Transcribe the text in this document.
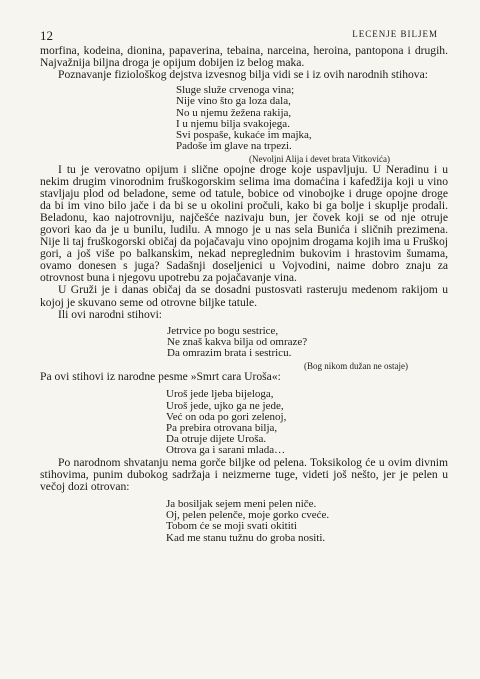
12	LECENJE BILJEM

morfina, kodeina, dionina, papaverina, tebaina, narceina, heroina, pantopona i drugih. Najvažnija biljna droga je opijum dobijen iz belog maka.

Poznavanje fiziološkog dejstva izvesnog bilja vidi se i iz ovih narodnih stihova:

Sluge služe crvenoga vina;
Nije vino što ga loza dala,
No u njemu žežena rakija,
I u njemu bilja svakojega.
Svi pospaše, kukaće im majka,
Padoše im glave na trpezi.
(Nevoljni Alija i devet brata Vitkovića)

I tu je verovatno opijum i slične opojne droge koje uspavljuju. U Neradinu i u nekim drugim vinorodnim fruškogorskim selima ima domaćina i kafedžija koji u vino stavljaju plod od beladone, seme od tatule, bobice od vinobojke i druge opojne droge da bi im vino bilo jače i da bi se u okolini pročuli, kako bi ga bolje i skuplje prodali. Beladonu, kao najotrovniju, najčešće nazivaju bun, jer čovek koji se od nje otruje govori kao da je u bunilu, ludilu. A mnogo je u nas sela Bunića i sličnih prezimena. Nije li taj fruškogorski običaj da pojačavaju vino opojnim drogama kojih ima u Fruškoj gori, a još više po balkanskim, nekad nepreglednim bukovim i hrastovim šumama, ovamo donesen s juga? Sadašnji doseljenici u Vojvodini, naime dobro znaju za otrovnost buna i njegovu upotrebu za pojačavanje vina.

U Gruži je i danas običaj da se dosadni pustosvati rasteruju medenom rakijom u kojoj je skuvano seme od otrovne biljke tatule.

Ili ovi narodni stihovi:

Jetrvice po bogu sestrice,
Ne znaš kakva bilja od omraze?
Da omrazim brata i sestricu.
(Bog nikom dužan ne ostaje)

Pa ovi stihovi iz narodne pesme »Smrt cara Uroša«:

Uroš jede ljeba bijeloga,
Uroš jede, ujko ga ne jede,
Već on oda po gori zelenoj,
Pa prebira otrovana bilja,
Da otruje dijete Uroša.
Otrova ga i sarani mlada…

Po narodnom shvatanju nema gorče biljke od pelena. Toksikolog će u ovim divnim stihovima, punim dubokog sadržaja i neizmerne tuge, videti još nešto, jer je pelen u večoj dozi otrovan:

Ja bosiljak sejem meni pelen niče.
Oj, pelen pelenče, moje gorko cveće.
Tobom će se moji svati okititi
Kad me stanu tužnu do groba nositi.
